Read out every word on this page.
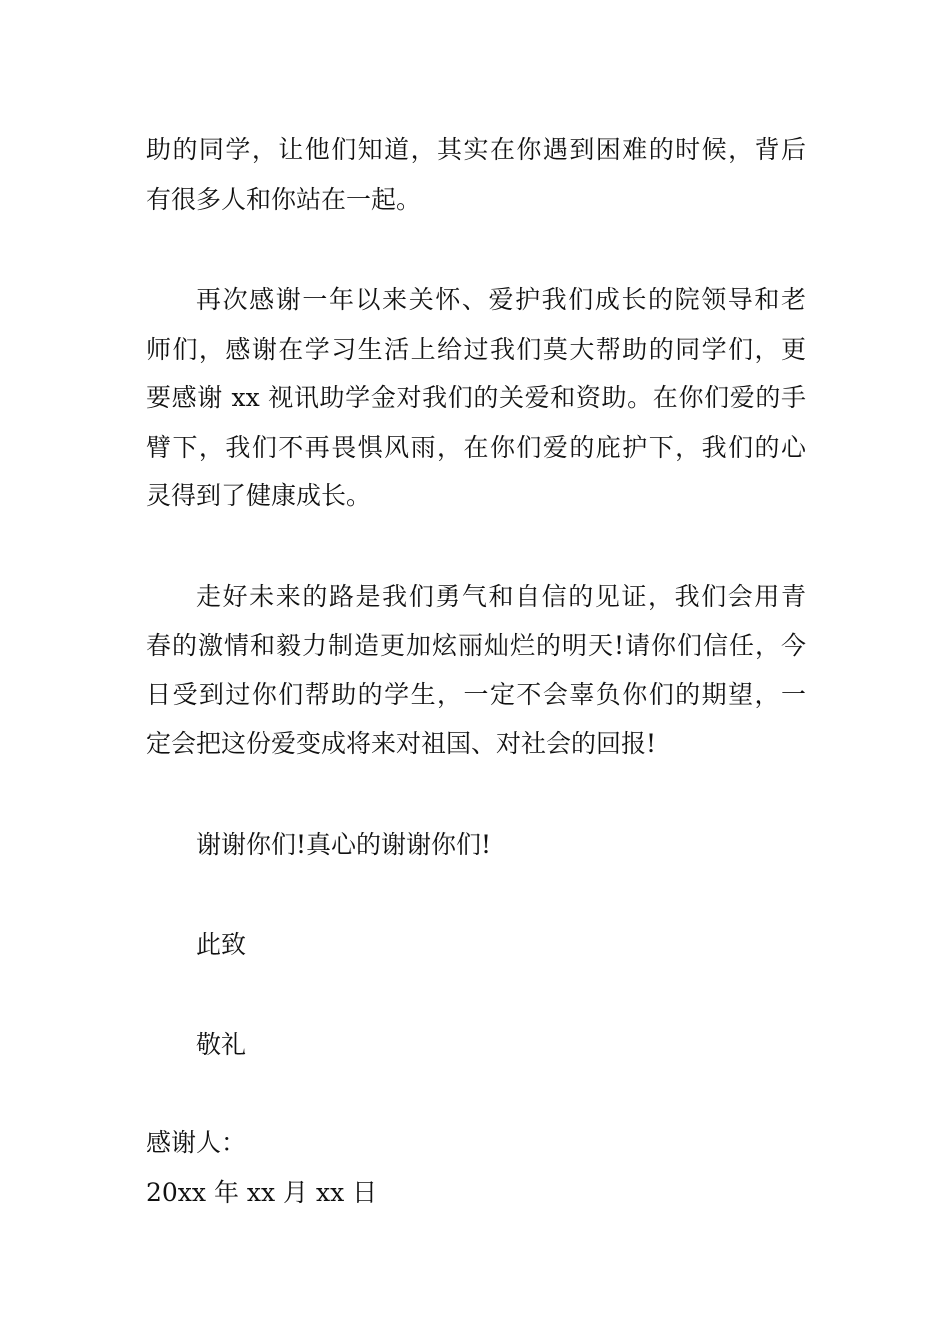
助的同学，让他们知道，其实在你遇到困难的时候，背后
有很多人和你站在一起。
再次感谢一年以来关怀、爱护我们成长的院领导和老
师们，感谢在学习生活上给过我们莫大帮助的同学们，更
要感谢 xx 视讯助学金对我们的关爱和资助。在你们爱的手
臂下，我们不再畏惧风雨，在你们爱的庇护下，我们的心
灵得到了健康成长。
走好未来的路是我们勇气和自信的见证，我们会用青
春的激情和毅力制造更加炫丽灿烂的明天!请你们信任，今
日受到过你们帮助的学生，一定不会辜负你们的期望，一
定会把这份爱变成将来对祖国、对社会的回报!
谢谢你们!真心的谢谢你们!
此致
敬礼
感谢人：
20xx 年 xx 月 xx 日
